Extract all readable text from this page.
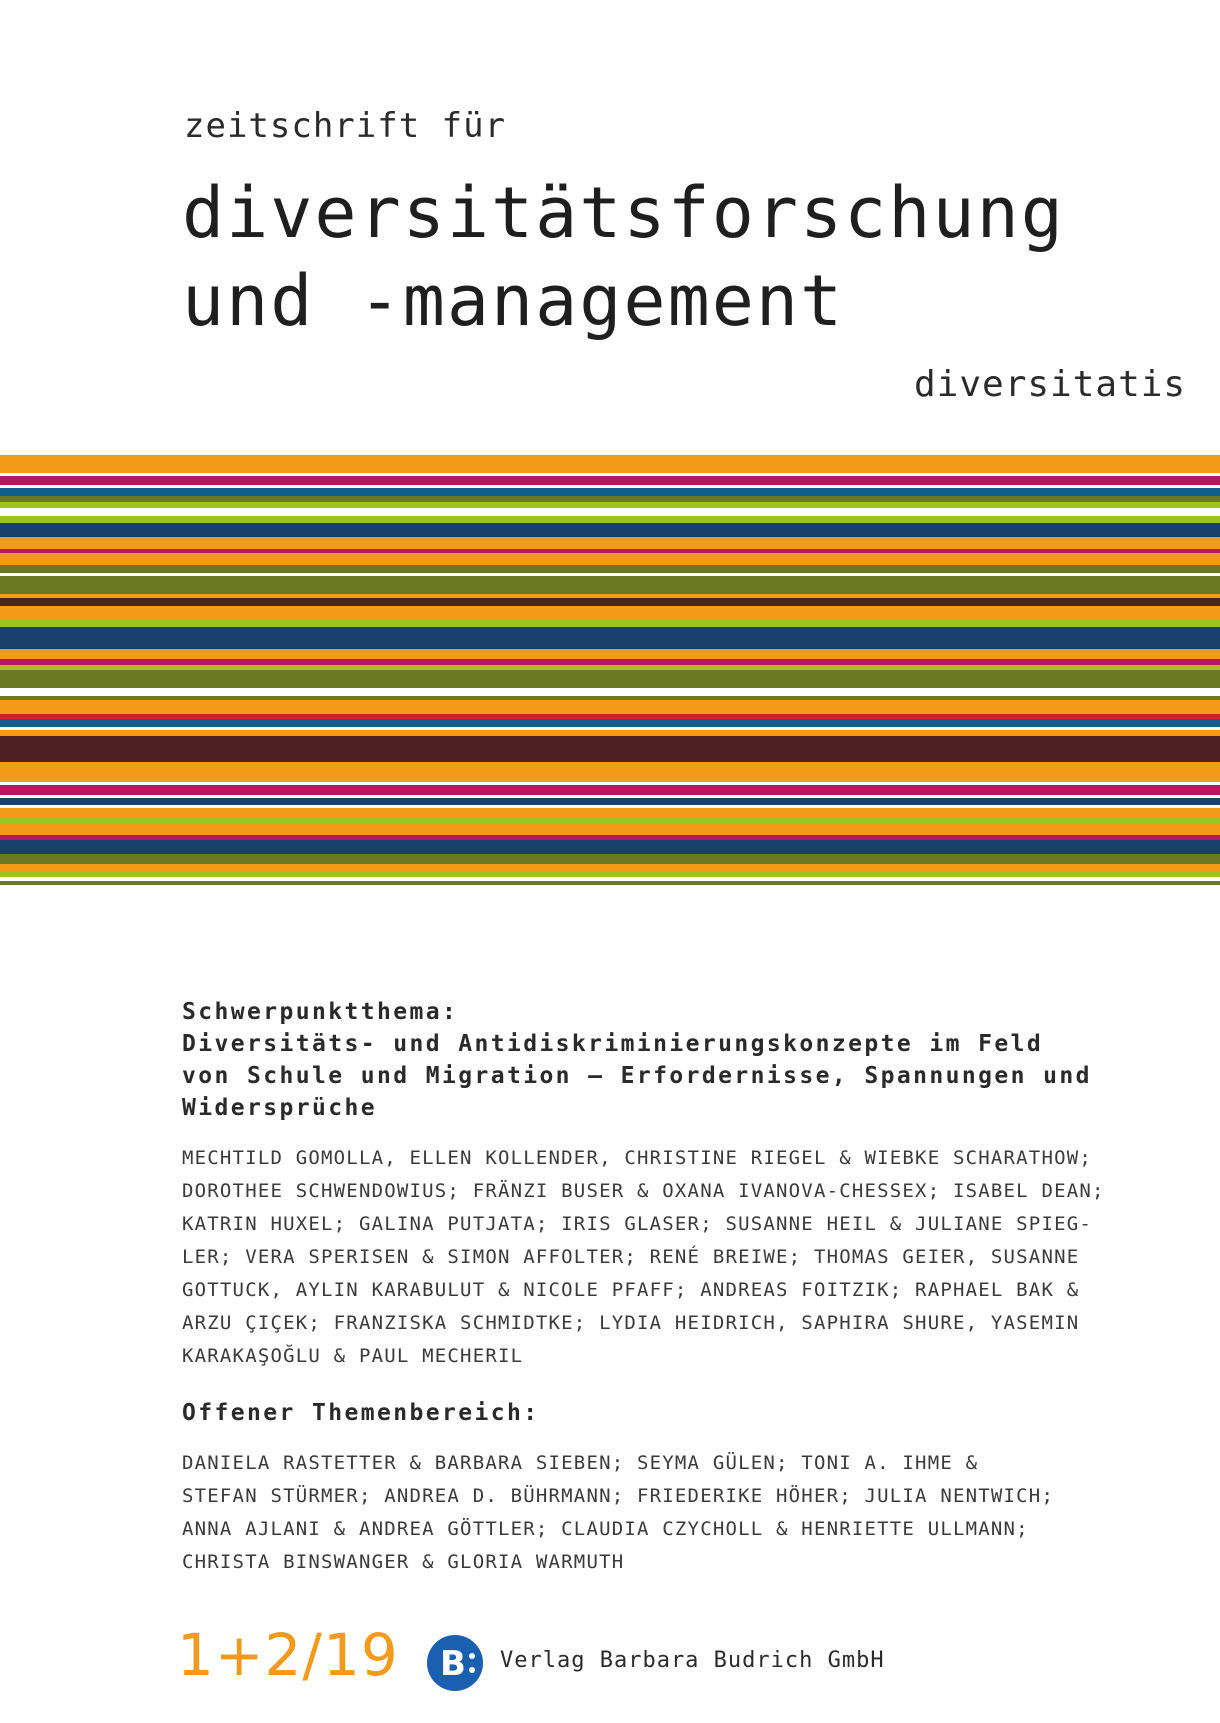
zeitschrift für
diversitätsforschung
und -management
diversitatis
Schwerpunktthema:
Diversitäts- und Antidiskriminierungskonzepte im Feld
von Schule und Migration – Erfordernisse, Spannungen und
Widersprüche
MECHTILD GOMOLLA, ELLEN KOLLENDER, CHRISTINE RIEGEL & WIEBKE SCHARATHOW;
DOROTHEE SCHWENDOWIUS; FRÄNZI BUSER & OXANA IVANOVA-CHESSEX; ISABEL DEAN;
KATRIN HUXEL; GALINA PUTJATA; IRIS GLASER; SUSANNE HEIL & JULIANE SPIEG-
LER; VERA SPERISEN & SIMON AFFOLTER; RENÉ BREIWE; THOMAS GEIER, SUSANNE
GOTTUCK, AYLIN KARABULUT & NICOLE PFAFF; ANDREAS FOITZIK; RAPHAEL BAK &
ARZU ÇIÇEK; FRANZISKA SCHMIDTKE; LYDIA HEIDRICH, SAPHIRA SHURE, YASEMIN
KARAKAŞOĞLU & PAUL MECHERIL
Offener Themenbereich:
DANIELA RASTETTER & BARBARA SIEBEN; SEYMA GÜLEN; TONI A. IHME &
STEFAN STÜRMER; ANDREA D. BÜHRMANN; FRIEDERIKE HÖHER; JULIA NENTWICH;
ANNA AJLANI & ANDREA GÖTTLER; CLAUDIA CZYCHOLL & HENRIETTE ULLMANN;
CHRISTA BINSWANGER & GLORIA WARMUTH
1+2/19 B Verlag Barbara Budrich GmbH
